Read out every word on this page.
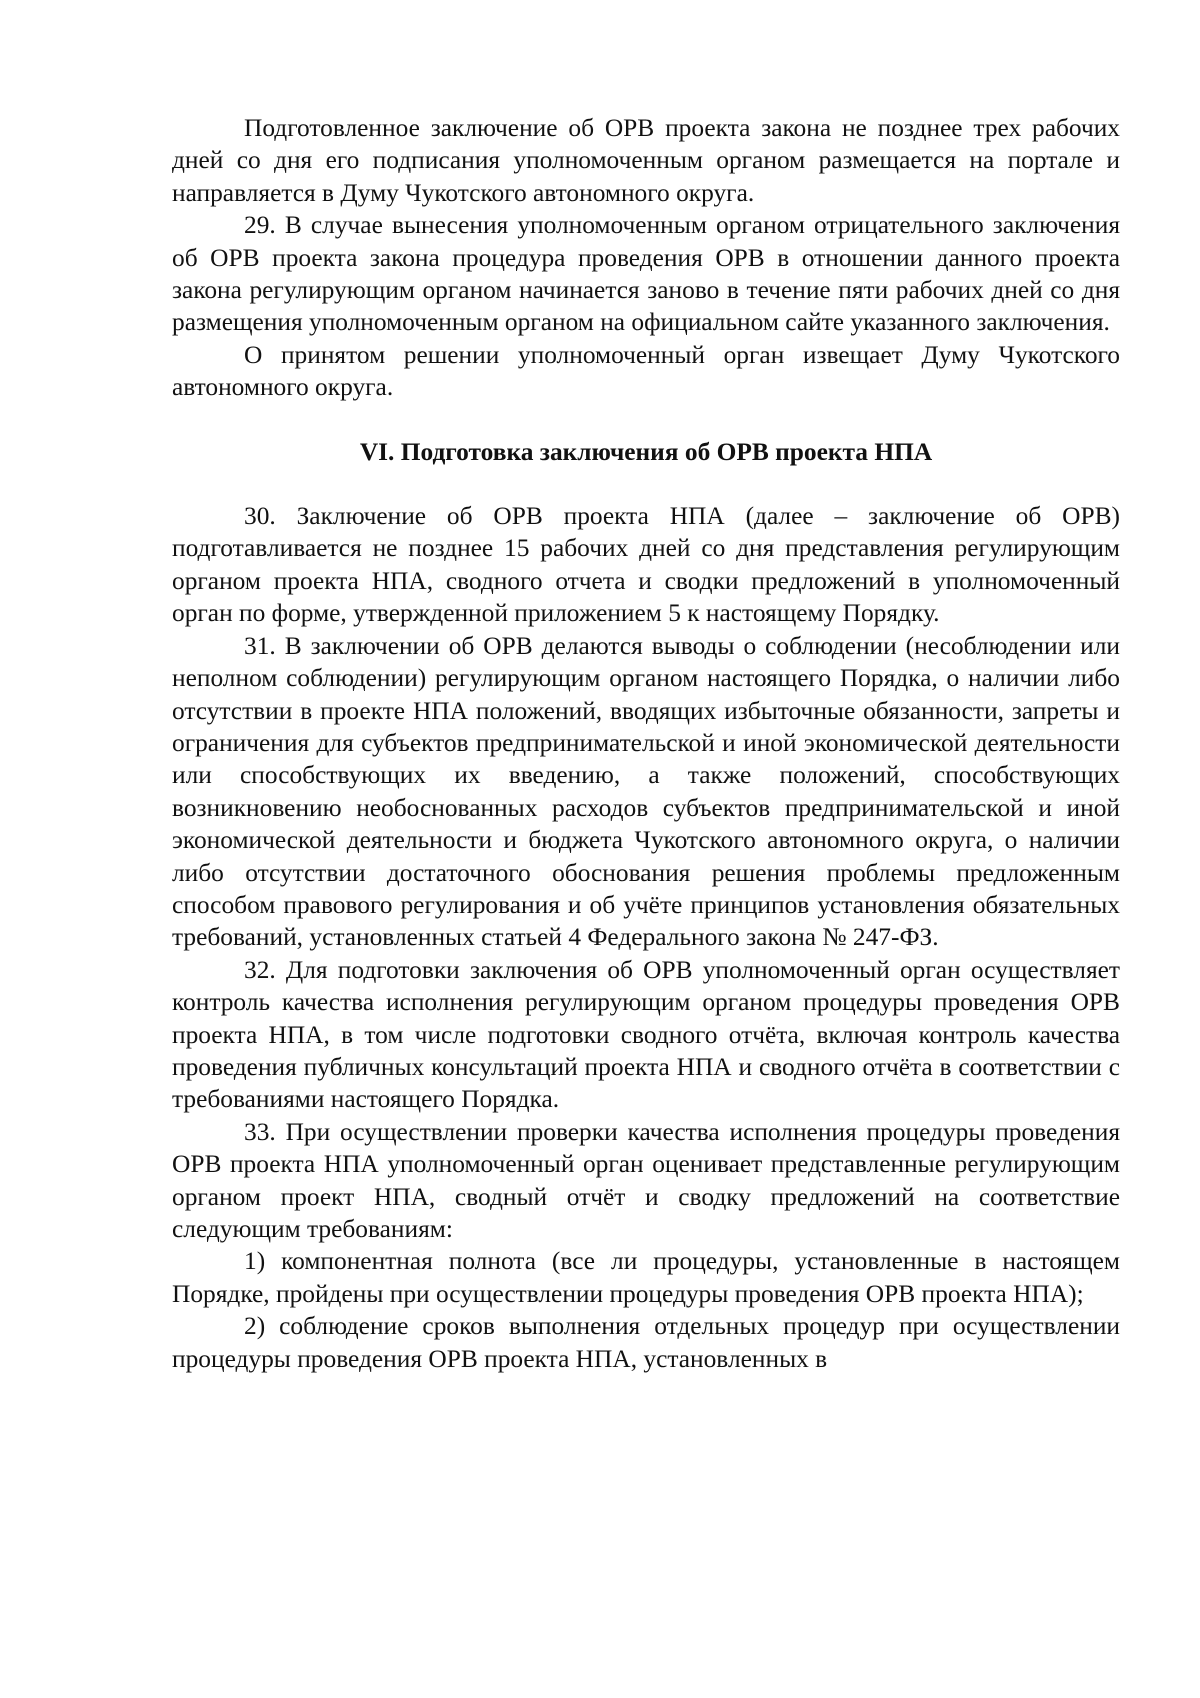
Подготовленное заключение об ОРВ проекта закона не позднее трех рабочих дней со дня его подписания уполномоченным органом размещается на портале и направляется в Думу Чукотского автономного округа.

29. В случае вынесения уполномоченным органом отрицательного заключения об ОРВ проекта закона процедура проведения ОРВ в отношении данного проекта закона регулирующим органом начинается заново в течение пяти рабочих дней со дня размещения уполномоченным органом на официальном сайте указанного заключения.

О принятом решении уполномоченный орган извещает Думу Чукотского автономного округа.

VI. Подготовка заключения об ОРВ проекта НПА

30. Заключение об ОРВ проекта НПА (далее – заключение об ОРВ) подготавливается не позднее 15 рабочих дней со дня представления регулирующим органом проекта НПА, сводного отчета и сводки предложений в уполномоченный орган по форме, утвержденной приложением 5 к настоящему Порядку.

31. В заключении об ОРВ делаются выводы о соблюдении (несоблюдении или неполном соблюдении) регулирующим органом настоящего Порядка, о наличии либо отсутствии в проекте НПА положений, вводящих избыточные обязанности, запреты и ограничения для субъектов предпринимательской и иной экономической деятельности или способствующих их введению, а также положений, способствующих возникновению необоснованных расходов субъектов предпринимательской и иной экономической деятельности и бюджета Чукотского автономного округа, о наличии либо отсутствии достаточного обоснования решения проблемы предложенным способом правового регулирования и об учёте принципов установления обязательных требований, установленных статьей 4 Федерального закона № 247-ФЗ.

32. Для подготовки заключения об ОРВ уполномоченный орган осуществляет контроль качества исполнения регулирующим органом процедуры проведения ОРВ проекта НПА, в том числе подготовки сводного отчёта, включая контроль качества проведения публичных консультаций проекта НПА и сводного отчёта в соответствии с требованиями настоящего Порядка.

33. При осуществлении проверки качества исполнения процедуры проведения ОРВ проекта НПА уполномоченный орган оценивает представленные регулирующим органом проект НПА, сводный отчёт и сводку предложений на соответствие следующим требованиям:

1) компонентная полнота (все ли процедуры, установленные в настоящем Порядке, пройдены при осуществлении процедуры проведения ОРВ проекта НПА);

2) соблюдение сроков выполнения отдельных процедур при осуществлении процедуры проведения ОРВ проекта НПА, установленных в
